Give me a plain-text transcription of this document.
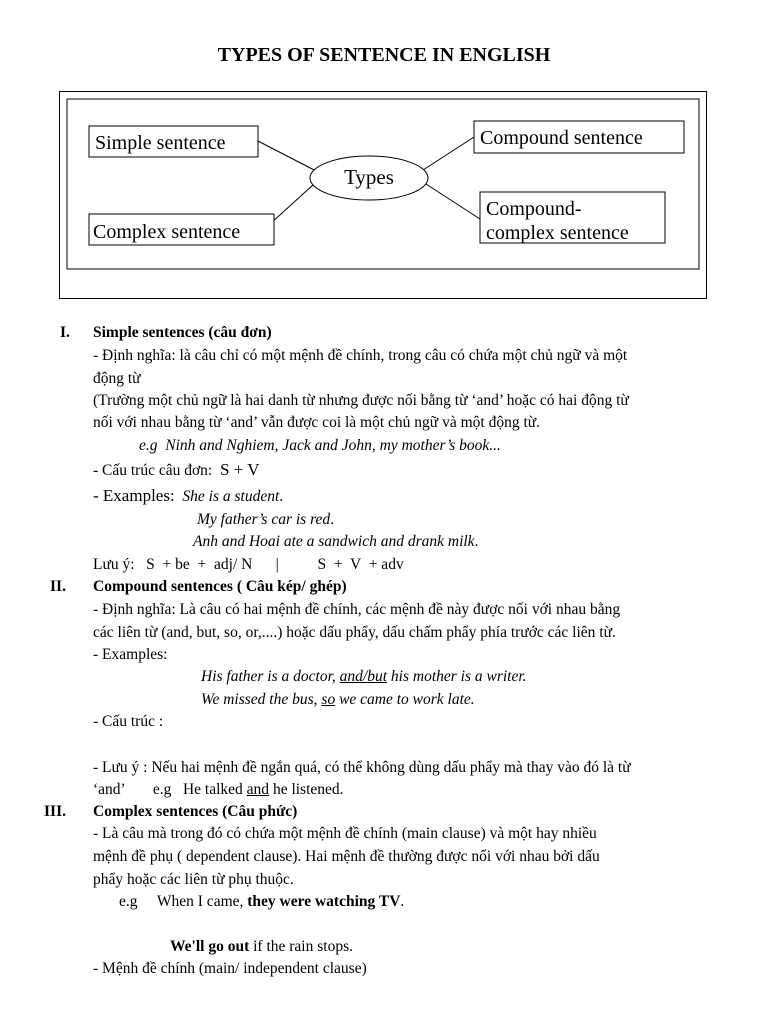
TYPES OF SENTENCE IN ENGLISH
Types
Simple sentence
Complex sentence
Compound sentence
Compound-
complex sentence
I. Simple sentences (câu đơn)
- Định nghĩa: là câu chỉ có một mệnh đề chính, trong câu có chứa một chủ ngữ và một
động từ
(Trường một chủ ngữ là hai danh từ nhưng được nối bằng từ ‘and’ hoặc có hai động từ
nối với nhau bằng từ ‘and’ vẫn được coi là một chủ ngữ và một động từ.
e.g Ninh and Nghiem, Jack and John, my mother’s book...
- Cấu trúc câu đơn: S + V
- Examples: She is a student.
My father’s car is red.
Anh and Hoai ate a sandwich and drank milk.
Lưu ý:   S  + be  +  adj/ N      |          S  +  V  + adv
II. Compound sentences ( Câu kép/ ghép)
- Định nghĩa: Là câu có hai mệnh đề chính, các mệnh đề này được nối với nhau bằng
các liên từ (and, but, so, or,....) hoặc dấu phẩy, dấu chấm phẩy phía trước các liên từ.
- Examples:
His father is a doctor, and/but his mother is a writer.
We missed the bus, so we came to work late.
- Cấu trúc :
- Lưu ý : Nếu hai mệnh đề ngắn quá, có thể không dùng dấu phẩy mà thay vào đó là từ
‘and’ e.g He talked and he listened.
III. Complex sentences (Câu phức)
- Là câu mà trong đó có chứa một mệnh đề chính (main clause) và một hay nhiều
mệnh đề phụ ( dependent clause). Hai mệnh đề thường được nối với nhau bởi dấu
phẩy hoặc các liên từ phụ thuộc.
e.g When I came, they were watching TV.
We'll go out if the rain stops.
- Mệnh đề chính (main/ independent clause)
